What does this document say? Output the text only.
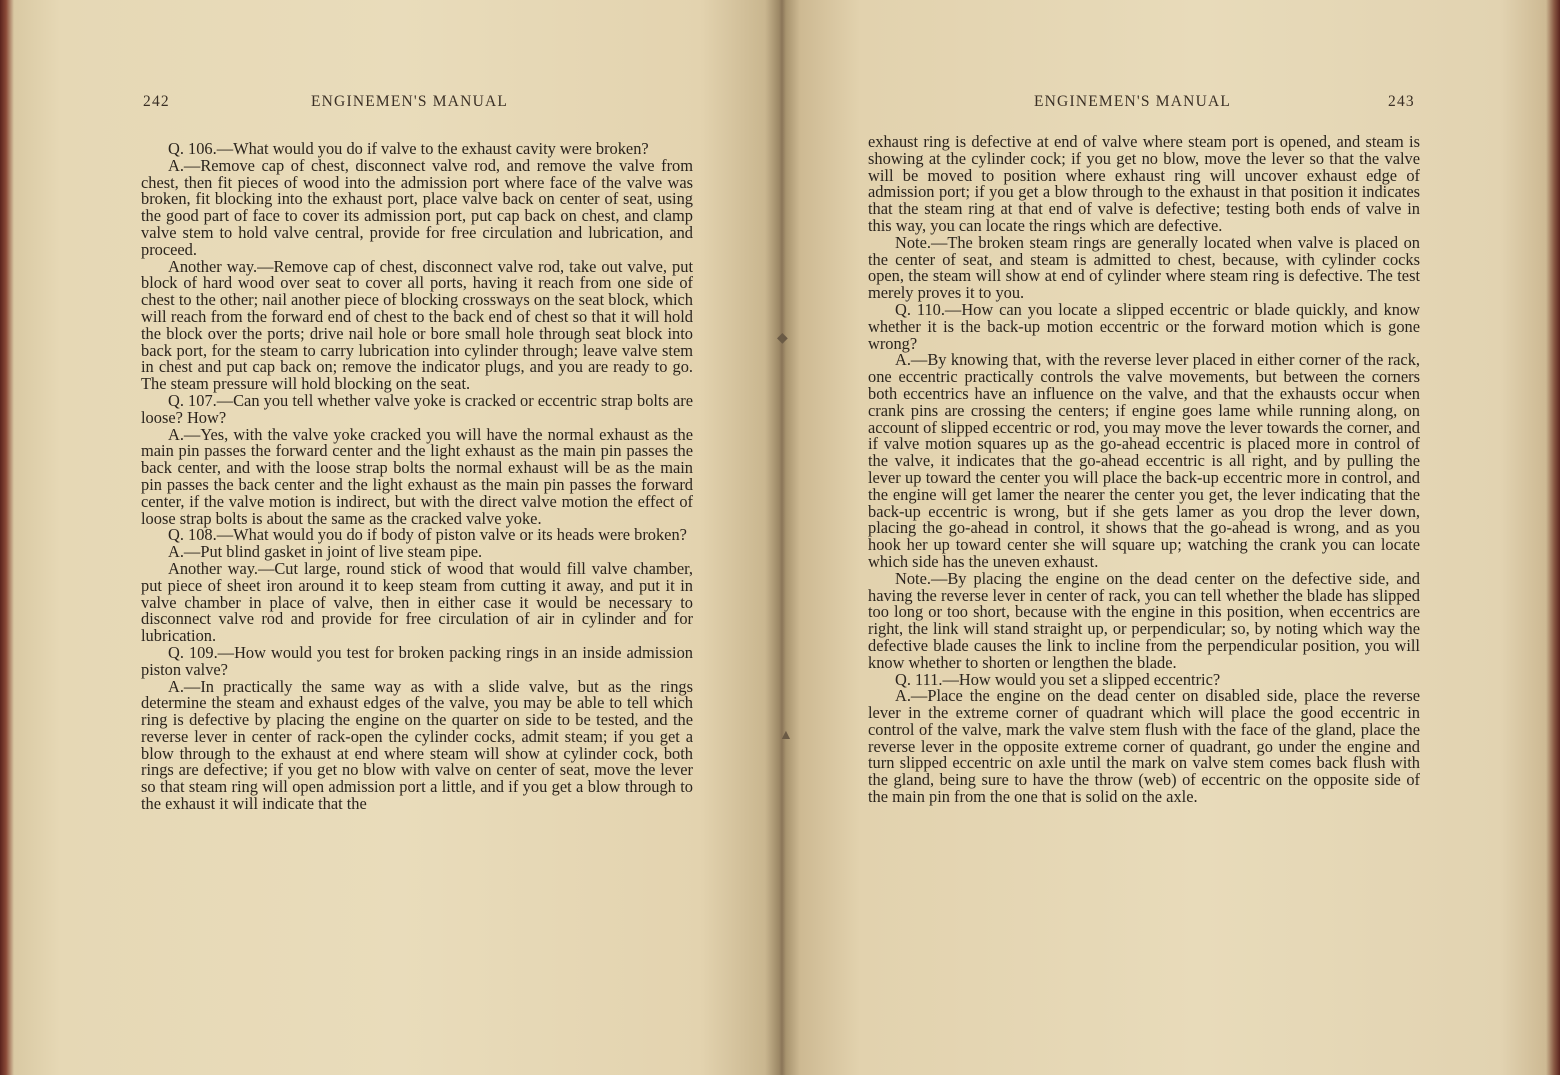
242	ENGINEMEN'S MANUAL

Q. 106.—What would you do if valve to the exhaust cavity were broken?

A.—Remove cap of chest, disconnect valve rod, and remove the valve from chest, then fit pieces of wood into the admission port where face of the valve was broken, fit blocking into the exhaust port, place valve back on center of seat, using the good part of face to cover its admission port, put cap back on chest, and clamp valve stem to hold valve central, provide for free circulation and lubrication, and proceed.

Another way.—Remove cap of chest, disconnect valve rod, take out valve, put block of hard wood over seat to cover all ports, having it reach from one side of chest to the other; nail another piece of blocking crossways on the seat block, which will reach from the forward end of chest to the back end of chest so that it will hold the block over the ports; drive nail hole or bore small hole through seat block into back port, for the steam to carry lubrication into cylinder through; leave valve stem in chest and put cap back on; remove the indicator plugs, and you are ready to go. The steam pressure will hold blocking on the seat.

Q. 107.—Can you tell whether valve yoke is cracked or eccentric strap bolts are loose? How?

A.—Yes, with the valve yoke cracked you will have the normal exhaust as the main pin passes the forward center and the light exhaust as the main pin passes the back center, and with the loose strap bolts the normal exhaust will be as the main pin passes the back center and the light exhaust as the main pin passes the forward center, if the valve motion is indirect, but with the direct valve motion the effect of loose strap bolts is about the same as the cracked valve yoke.

Q. 108.—What would you do if body of piston valve or its heads were broken?

A.—Put blind gasket in joint of live steam pipe.

Another way.—Cut large, round stick of wood that would fill valve chamber, put piece of sheet iron around it to keep steam from cutting it away, and put it in valve chamber in place of valve, then in either case it would be necessary to disconnect valve rod and provide for free circulation of air in cylinder and for lubrication.

Q. 109.—How would you test for broken packing rings in an inside admission piston valve?

A.—In practically the same way as with a slide valve, but as the rings determine the steam and exhaust edges of the valve, you may be able to tell which ring is defective by placing the engine on the quarter on side to be tested, and the reverse lever in center of rack-open the cylinder cocks, admit steam; if you get a blow through to the exhaust at end where steam will show at cylinder cock, both rings are defective; if you get no blow with valve on center of seat, move the lever so that steam ring will open admission port a little, and if you get a blow through to the exhaust it will indicate that the

ENGINEMEN'S MANUAL	243

exhaust ring is defective at end of valve where steam port is opened, and steam is showing at the cylinder cock; if you get no blow, move the lever so that the valve will be moved to position where exhaust ring will uncover exhaust edge of admission port; if you get a blow through to the exhaust in that position it indicates that the steam ring at that end of valve is defective; testing both ends of valve in this way, you can locate the rings which are defective.

Note.—The broken steam rings are generally located when valve is placed on the center of seat, and steam is admitted to chest, because, with cylinder cocks open, the steam will show at end of cylinder where steam ring is defective. The test merely proves it to you.

Q. 110.—How can you locate a slipped eccentric or blade quickly, and know whether it is the back-up motion eccentric or the forward motion which is gone wrong?

A.—By knowing that, with the reverse lever placed in either corner of the rack, one eccentric practically controls the valve movements, but between the corners both eccentrics have an influence on the valve, and that the exhausts occur when crank pins are crossing the centers; if engine goes lame while running along, on account of slipped eccentric or rod, you may move the lever towards the corner, and if valve motion squares up as the go-ahead eccentric is placed more in control of the valve, it indicates that the go-ahead eccentric is all right, and by pulling the lever up toward the center you will place the back-up eccentric more in control, and the engine will get lamer the nearer the center you get, the lever indicating that the back-up eccentric is wrong, but if she gets lamer as you drop the lever down, placing the go-ahead in control, it shows that the go-ahead is wrong, and as you hook her up toward center she will square up; watching the crank you can locate which side has the uneven exhaust.

Note.—By placing the engine on the dead center on the defective side, and having the reverse lever in center of rack, you can tell whether the blade has slipped too long or too short, because with the engine in this position, when eccentrics are right, the link will stand straight up, or perpendicular; so, by noting which way the defective blade causes the link to incline from the perpendicular position, you will know whether to shorten or lengthen the blade.

Q. 111.—How would you set a slipped eccentric?

A.—Place the engine on the dead center on disabled side, place the reverse lever in the extreme corner of quadrant which will place the good eccentric in control of the valve, mark the valve stem flush with the face of the gland, place the reverse lever in the opposite extreme corner of quadrant, go under the engine and turn slipped eccentric on axle until the mark on valve stem comes back flush with the gland, being sure to have the throw (web) of eccentric on the opposite side of the main pin from the one that is solid on the axle.

◆
▲
